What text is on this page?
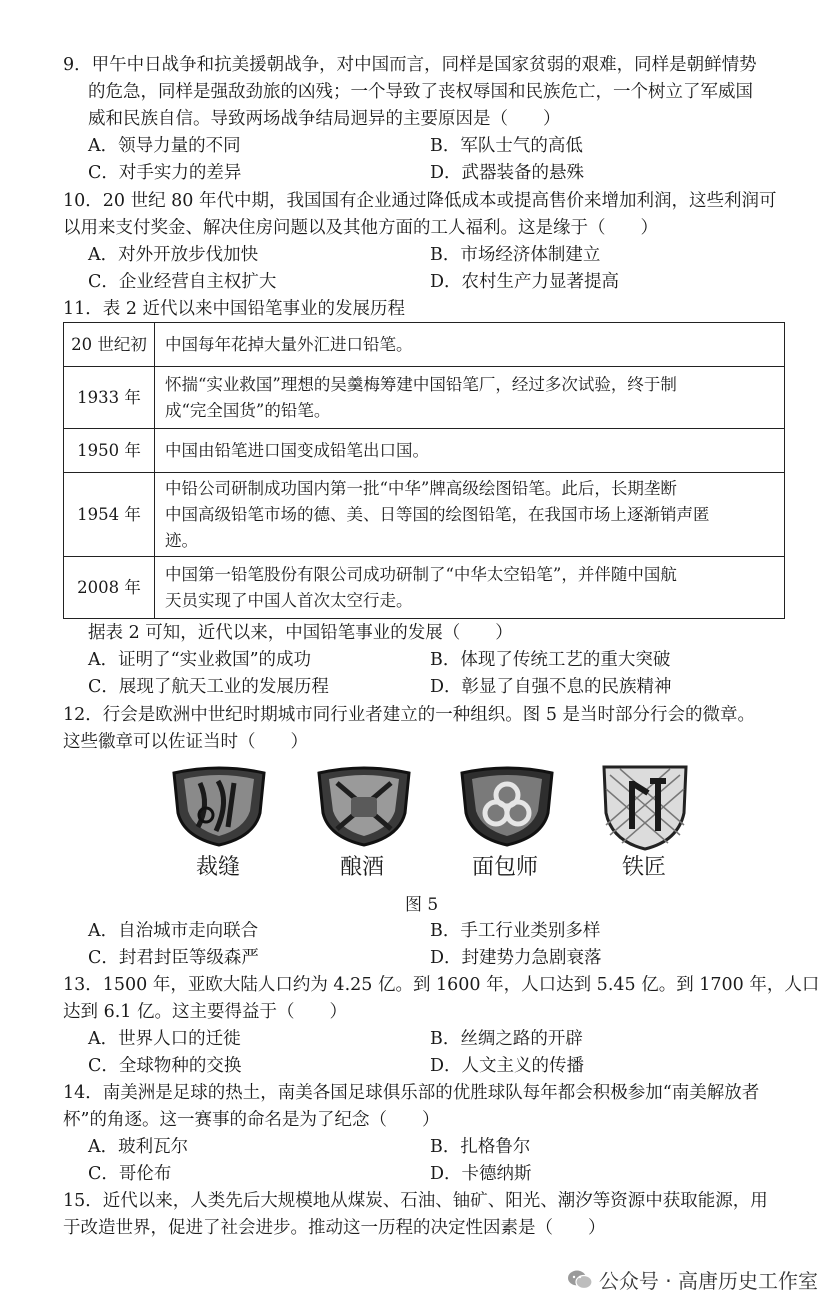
9．甲午中日战争和抗美援朝战争，对中国而言，同样是国家贫弱的艰难，同样是朝鲜情势
的危急，同样是强敌劲旅的凶残；一个导致了丧权辱国和民族危亡，一个树立了军威国
威和民族自信。导致两场战争结局迥异的主要原因是（　　）
A．领导力量的不同	B．军队士气的高低
C．对手实力的差异	D．武器装备的悬殊
10．20 世纪 80 年代中期，我国国有企业通过降低成本或提高售价来增加利润，这些利润可
以用来支付奖金、解决住房问题以及其他方面的工人福利。这是缘于（　　）
A．对外开放步伐加快	B．市场经济体制建立
C．企业经营自主权扩大	D．农村生产力显著提高
11．表 2 近代以来中国铅笔事业的发展历程
20 世纪初	中国每年花掉大量外汇进口铅笔。

1933 年	怀揣“实业救国”理想的吴羹梅筹建中国铅笔厂，经过多次试验，终于制
成“完全国货”的铅笔。

1950 年	中国由铅笔进口国变成铅笔出口国。

1954 年	中铅公司研制成功国内第一批“中华”牌高级绘图铅笔。此后，长期垄断
中国高级铅笔市场的德、美、日等国的绘图铅笔，在我国市场上逐渐销声匿
迹。

2008 年	中国第一铅笔股份有限公司成功研制了“中华太空铅笔”，并伴随中国航
天员实现了中国人首次太空行走。
据表 2 可知，近代以来，中国铅笔事业的发展（　　）
A．证明了“实业救国”的成功	B．体现了传统工艺的重大突破
C．展现了航天工业的发展历程	D．彰显了自强不息的民族精神
12．行会是欧洲中世纪时期城市同行业者建立的一种组织。图 5 是当时部分行会的微章。
这些徽章可以佐证当时（　　）
裁缝	酿酒	面包师	铁匠
图 5
A．自治城市走向联合	B．手工行业类别多样
C．封君封臣等级森严	D．封建势力急剧衰落
13．1500 年，亚欧大陆人口约为 4.25 亿。到 1600 年，人口达到 5.45 亿。到 1700 年，人口
达到 6.1 亿。这主要得益于（　　）
A．世界人口的迁徙	B．丝绸之路的开辟
C．全球物种的交换	D．人文主义的传播
14．南美洲是足球的热土，南美各国足球俱乐部的优胜球队每年都会积极参加“南美解放者
杯”的角逐。这一赛事的命名是为了纪念（　　）
A．玻利瓦尔	B．扎格鲁尔
C．哥伦布	D．卡德纳斯
15．近代以来，人类先后大规模地从煤炭、石油、铀矿、阳光、潮汐等资源中获取能源，用
于改造世界，促进了社会进步。推动这一历程的决定性因素是（　　）
公众号 · 高唐历史工作室
